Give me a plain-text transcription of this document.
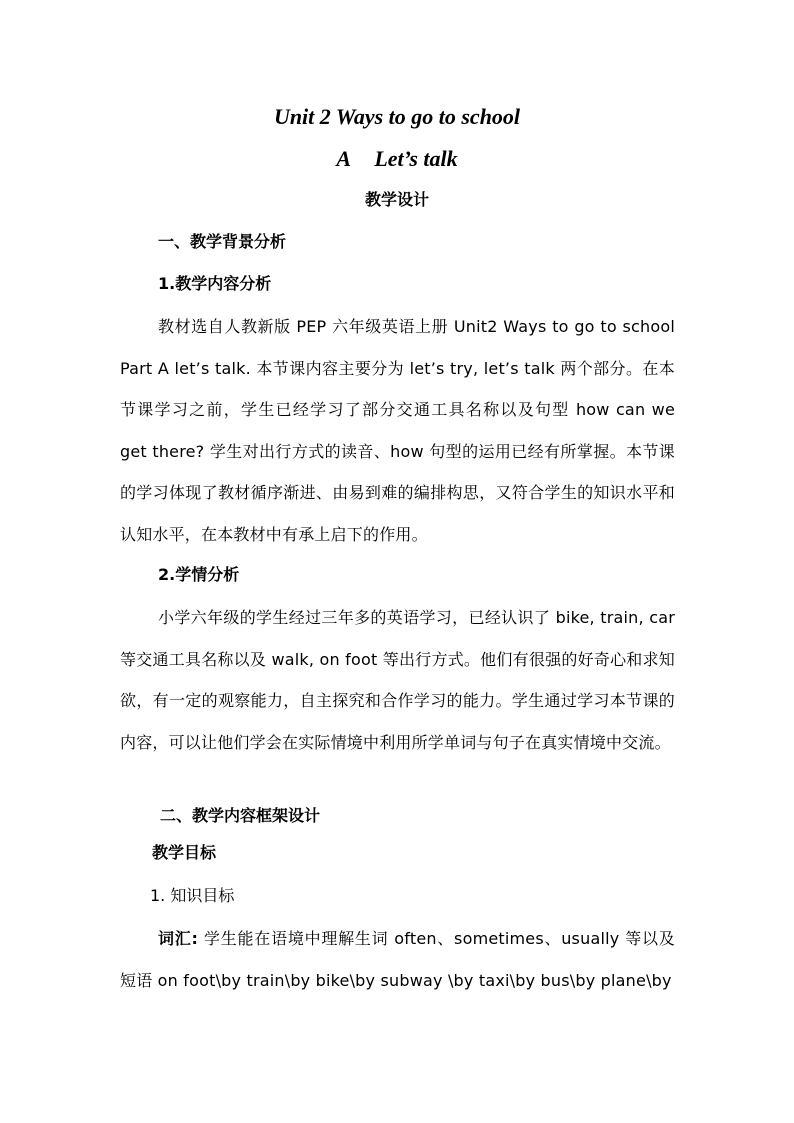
Unit 2 Ways to go to school
A Let’s talk
教学设计
一、教学背景分析
1.教学内容分析
教材选自人教新版 PEP 六年级英语上册 Unit2 Ways to go to school Part A let’s talk. 本节课内容主要分为 let’s try, let’s talk 两个部分。在本节课学习之前，学生已经学习了部分交通工具名称以及句型 how can we get there? 学生对出行方式的读音、how 句型的运用已经有所掌握。本节课的学习体现了教材循序渐进、由易到难的编排构思，又符合学生的知识水平和认知水平，在本教材中有承上启下的作用。
2.学情分析
小学六年级的学生经过三年多的英语学习，已经认识了 bike, train, car 等交通工具名称以及 walk, on foot 等出行方式。他们有很强的好奇心和求知欲，有一定的观察能力，自主探究和合作学习的能力。学生通过学习本节课的内容，可以让他们学会在实际情境中利用所学单词与句子在真实情境中交流。
二、教学内容框架设计
教学目标
1. 知识目标
词汇: 学生能在语境中理解生词 often、sometimes、usually 等以及短语 on foot\by train\by bike\by subway \by taxi\by bus\by plane\by
